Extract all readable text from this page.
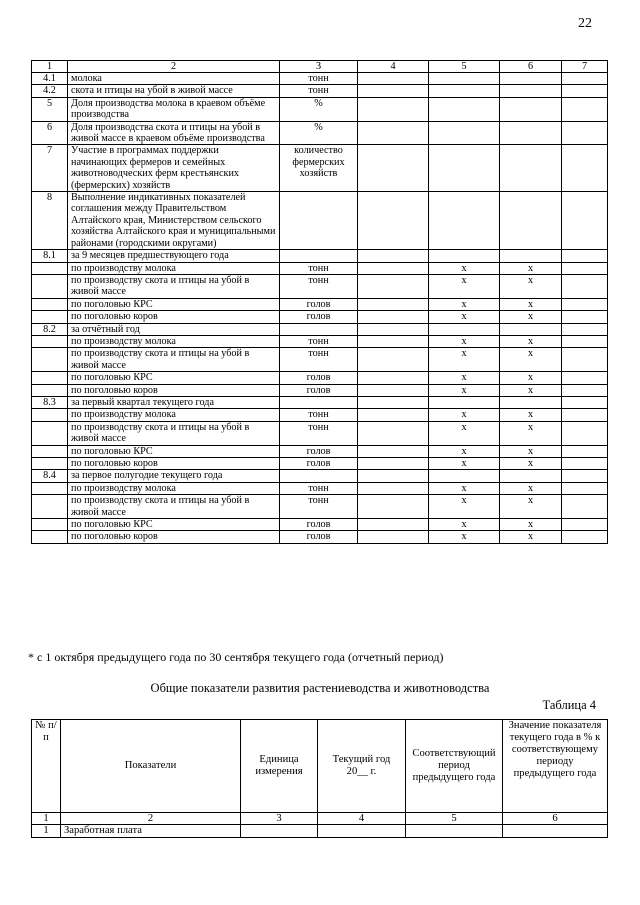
22
1	2	3	4	5	6	7
4.1	молока	тонн				
4.2	скота и птицы на убой в живой массе	тонн				
5	Доля производства молока в краевом объёме производства	%				
6	Доля производства скота и птицы на убой в живой массе в краевом объёме производства	%				
7	Участие в программах поддержки начинающих фермеров и семейных животноводческих ферм крестьянских (фермерских) хозяйств	количество фермерских хозяйств				
8	Выполнение индикативных показателей соглашения между Правительством Алтайского края, Министерством сельского хозяйства Алтайского края и муниципальными районами (городскими округами)					
8.1	за 9 месяцев предшествующего года					
	по производству молока	тонн		x	x	
	по производству скота и птицы на убой в живой массе	тонн		x	x	
	по поголовью КРС	голов		x	x	
	по поголовью коров	голов		x	x	
8.2	за отчётный год					
	по производству молока	тонн		x	x	
	по производству скота и птицы на убой в живой массе	тонн		x	x	
	по поголовью КРС	голов		x	x	
	по поголовью коров	голов		x	x	
8.3	за первый квартал текущего года					
	по производству молока	тонн		x	x	
	по производству скота и птицы на убой в живой массе	тонн		x	x	
	по поголовью КРС	голов		x	x	
	по поголовью коров	голов		x	x	
8.4	за первое полугодие текущего года					
	по производству молока	тонн		x	x	
	по производству скота и птицы на убой в живой массе	тонн		x	x	
	по поголовью КРС	голов		x	x	
	по поголовью коров	голов		x	x	
* с 1 октября предыдущего года по 30 сентября текущего года (отчетный период)
Общие показатели развития растениеводства и животноводства
Таблица 4
№ п/п	Показатели	Единица измерения	Текущий год 20__ г.	Соответствующий период предыдущего года	Значение показателя текущего года в % к соответствующему периоду предыдущего года
1	2	3	4	5	6
1	Заработная плата				
